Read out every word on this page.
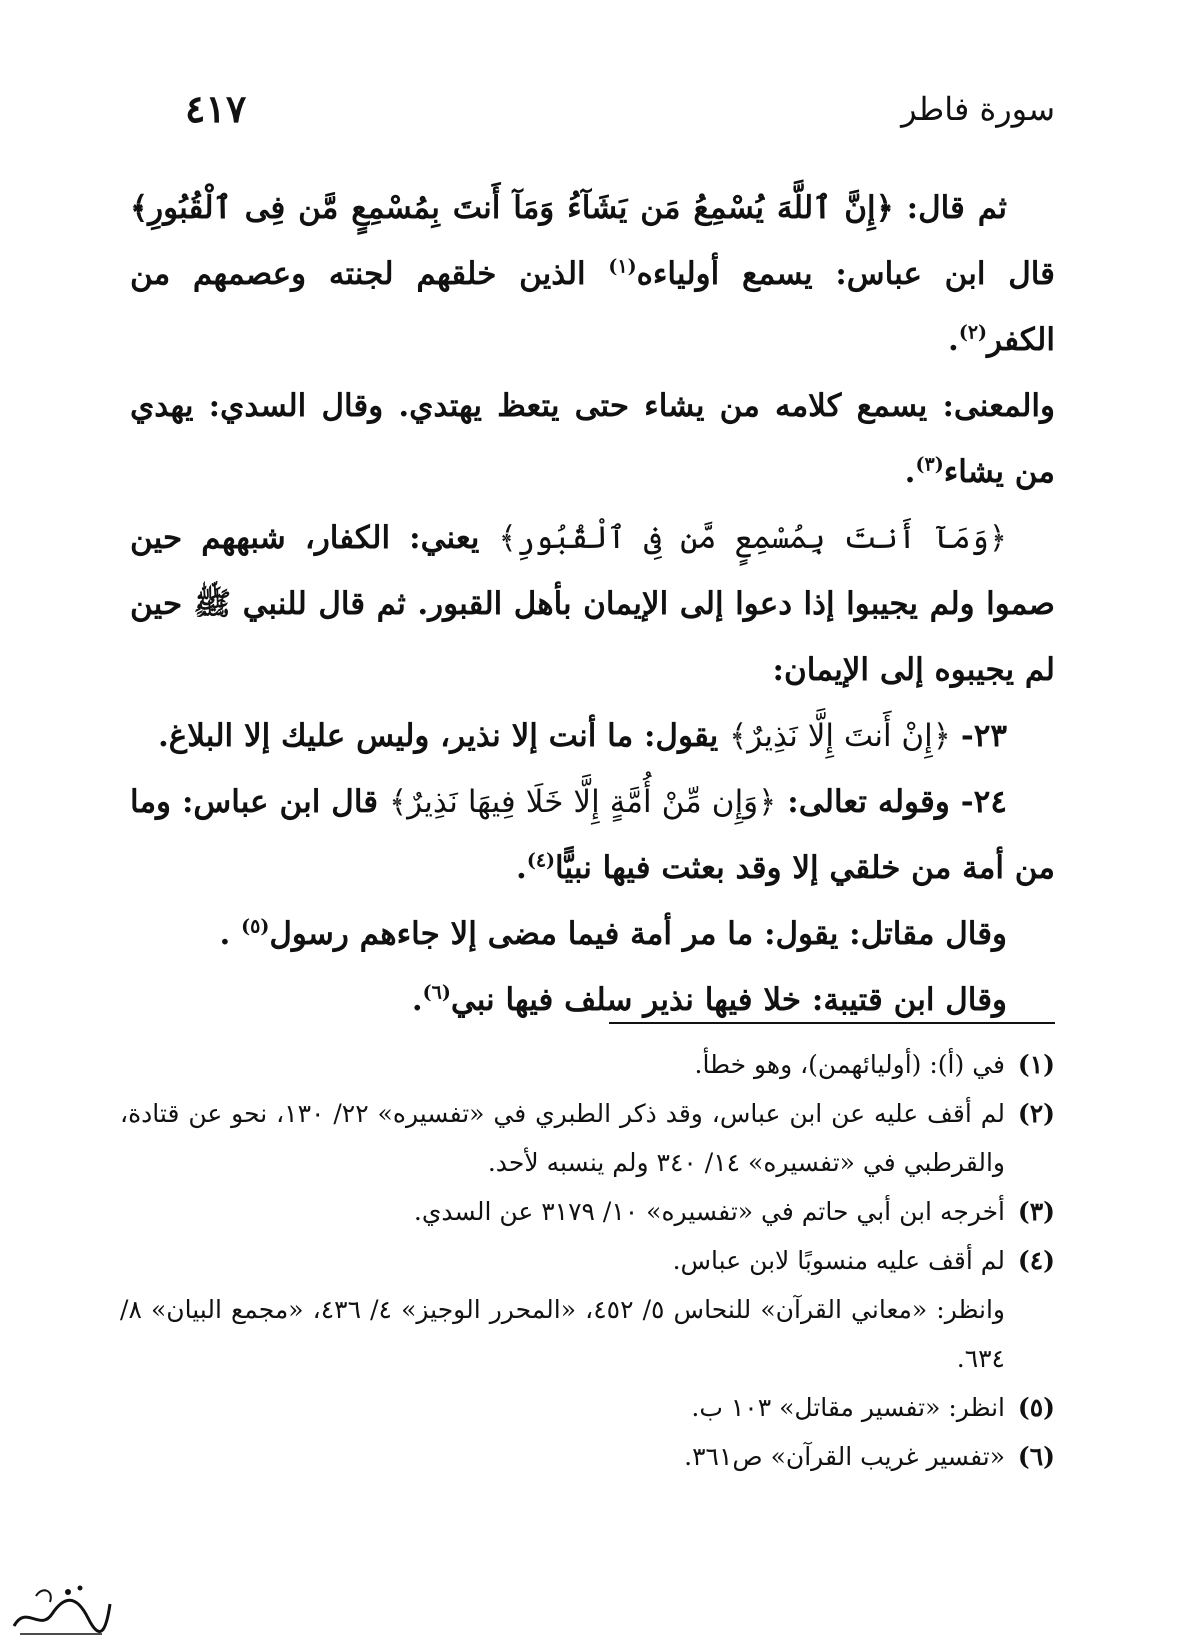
سورة فاطر
٤١٧

ثم قال: ﴿إِنَّ ٱللَّهَ يُسْمِعُ مَن يَشَآءُ وَمَآ أَنتَ بِمُسْمِعٍ مَّن فِى ٱلْقُبُورِ﴾ قال ابن عباس: يسمع أولياءه$^{(١)}$ الذين خلقهم لجنته وعصمهم من الكفر$^{(٢)}$.

والمعنى: يسمع كلامه من يشاء حتى يتعظ يهتدي. وقال السدي: يهدي من يشاء$^{(٣)}$.

﴿وَمَآ أَنتَ بِمُسْمِعٍ مَّن فِى ٱلْقُبُورِ﴾ يعني: الكفار، شبههم حين صموا ولم يجيبوا إذا دعوا إلى الإيمان بأهل القبور. ثم قال للنبي ﷺ حين لم يجيبوه إلى الإيمان:

٢٣- ﴿إِنْ أَنتَ إِلَّا نَذِيرٌ﴾ يقول: ما أنت إلا نذير، وليس عليك إلا البلاغ.

٢٤- وقوله تعالى: ﴿وَإِن مِّنْ أُمَّةٍ إِلَّا خَلَا فِيهَا نَذِيرٌ﴾ قال ابن عباس: وما من أمة من خلقي إلا وقد بعثت فيها نبيًّا$^{(٤)}$.

وقال مقاتل: يقول: ما مر أمة فيما مضى إلا جاءهم رسول$^{(٥)}$ .

وقال ابن قتيبة: خلا فيها نذير سلف فيها نبي$^{(٦)}$.

(١)
في (أ): (أوليائهمن)، وهو خطأ.
(٢)
لم أقف عليه عن ابن عباس، وقد ذكر الطبري في «تفسيره» ٢٢/ ١٣٠، نحو عن قتادة، والقرطبي في «تفسيره» ١٤/ ٣٤٠ ولم ينسبه لأحد.
(٣)
أخرجه ابن أبي حاتم في «تفسيره» ١٠/ ٣١٧٩ عن السدي.
(٤)
لم أقف عليه منسوبًا لابن عباس.
وانظر: «معاني القرآن» للنحاس ٥/ ٤٥٢، «المحرر الوجيز» ٤/ ٤٣٦، «مجمع البيان» ٨/ ٦٣٤.
(٥)
انظر: «تفسير مقاتل» ١٠٣ ب.
(٦)
«تفسير غريب القرآن» ص٣٦١.
